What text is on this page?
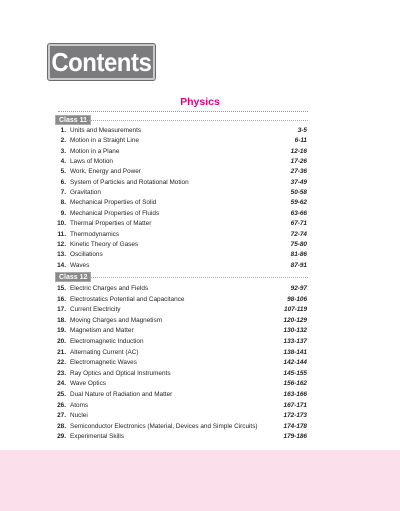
Contents
Physics
Class 11
1. Units and Measurements	3-5
2. Motion in a Straight Line	6-11
3. Motion in a Plane	12-16
4. Laws of Motion	17-26
5. Work, Energy and Power	27-36
6. System of Particles and Rotational Motion	37-49
7. Gravitation	50-58
8. Mechanical Properties of Solid	59-62
9. Mechanical Properties of Fluids	63-66
10. Thermal Properties of Matter	67-71
11. Thermodynamics	72-74
12. Kinetic Theory of Gases	75-80
13. Oscillations	81-86
14. Waves	87-91
Class 12
15. Electric Charges and Fields	92-97
16. Electrostatics Potential and Capacitance	98-106
17. Current Electricity	107-119
18. Moving Charges and Magnetism	120-129
19. Magnetism and Matter	130-132
20. Electromagnetic Induction	133-137
21. Alternating Current (AC)	138-141
22. Electromagnetic Waves	142-144
23. Ray Optics and Optical Instruments	145-155
24. Wave Optics	156-162
25. Dual Nature of Radiation and Matter	163-166
26. Atoms	167-171
27. Nuclei	172-173
28. Semiconductor Electronics (Material, Devices and Simple Circuits)	174-178
29. Experimental Skills	179-186
